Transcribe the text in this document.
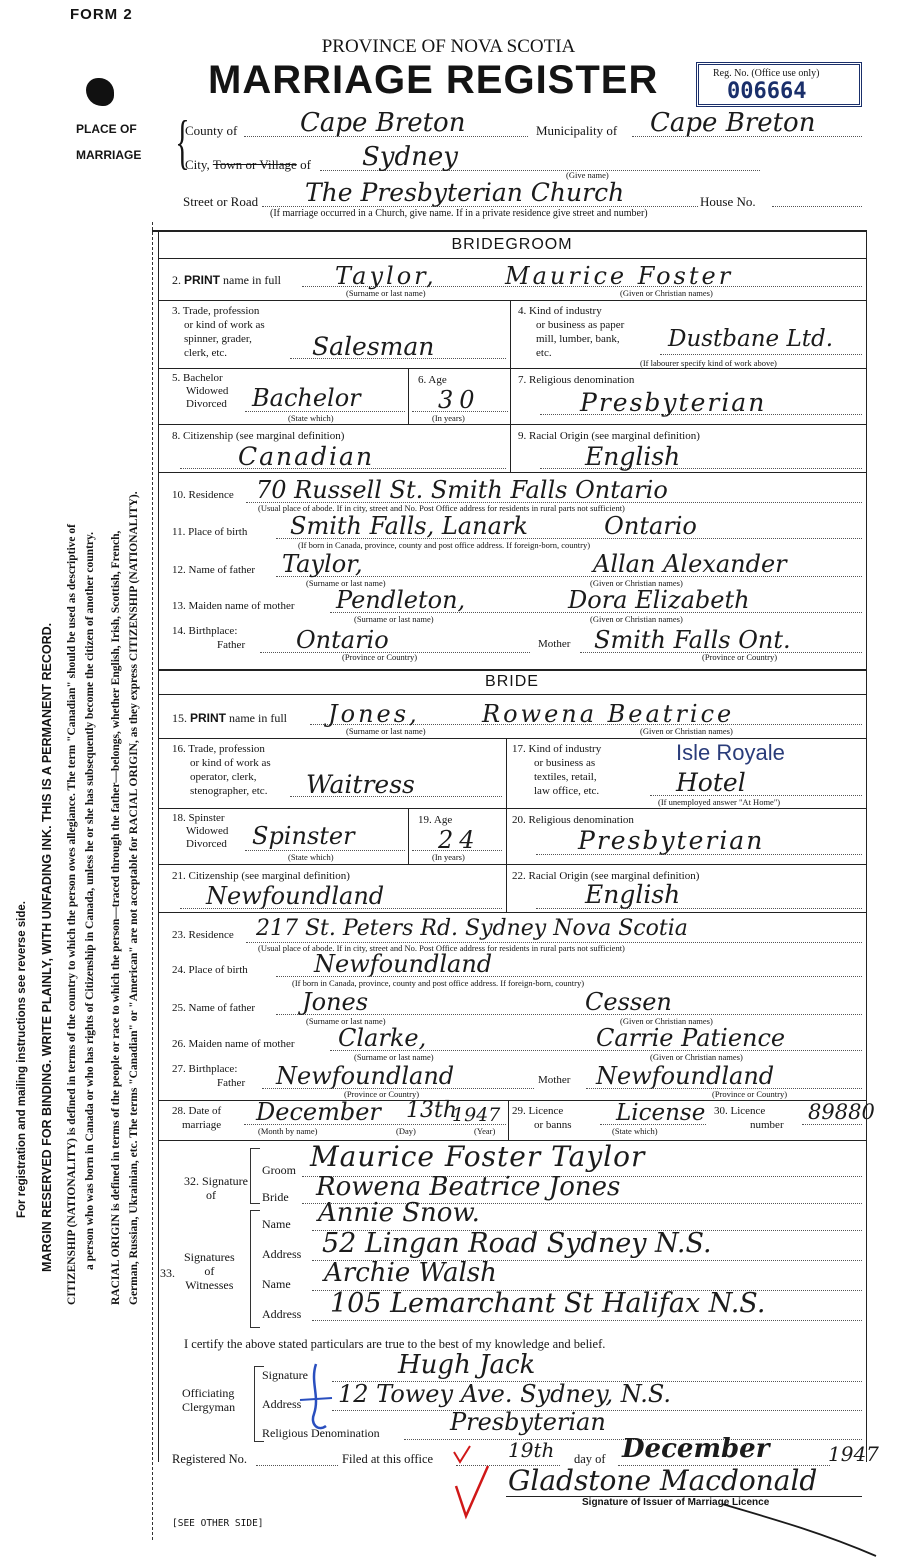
FORM 2
PROVINCE OF NOVA SCOTIA
MARRIAGE REGISTER	Reg. No. (Office use only)
006664
PLACE OF
MARRIAGE {
County of Cape Breton	Municipality of Cape Breton
City, Town or Village of Sydney
(Give name)
Street or Road The Presbyterian Church	House No.
(If marriage occurred in a Church, give name. If in a private residence give street and number)
For registration and mailing instructions see reverse side. MARGIN RESERVED FOR BINDING. WRITE PLAINLY, WITH UNFADING INK. THIS IS A PERMANENT RECORD. CITIZENSHIP (NATIONALITY) is defined in terms of the country to which the person owes allegiance. The term "Canadian" should be used as descriptive of a person who was born in Canada or who has rights of Citizenship in Canada, unless he or she has subsequently become the citizen of another country. RACIAL ORIGIN is defined in terms of the people or race to which the person—traced through the father—belongs, whether English, Irish, Scottish, French, German, Russian, Ukrainian, etc. The terms "Canadian" or "American" are not acceptable for RACIAL ORIGIN, as they express CITIZENSHIP (NATIONALITY).
BRIDEGROOM
2. PRINT name in full Taylor,	Maurice Foster
(Surname or last name)	(Given or Christian names)
3. Trade, profession
or kind of work as
spinner, grader,
clerk, etc.	Salesman
4. Kind of industry
or business as paper
mill, lumber, bank,
etc.
Dustbane Ltd.
(If labourer specify kind of work above)
5. Bachelor
Widowed
Divorced Bachelor
(State which)
6. Age
30
(In years)
7. Religious denomination
Presbyterian
8. Citizenship (see marginal definition)
Canadian
9. Racial Origin (see marginal definition)
English
10. Residence 70 Russell St. Smith Falls Ontario
(Usual place of abode. If in city, street and No. Post Office address for residents in rural parts not sufficient)
11. Place of birth Smith Falls, Lanark          Ontario
(If born in Canada, province, county and post office address. If foreign-born, country)
12. Name of father Taylor,	Allan Alexander
(Surname or last name)	(Given or Christian names)
13. Maiden name of mother Pendleton,	Dora Elizabeth
(Surname or last name)	(Given or Christian names)
14. Birthplace:
Father Ontario
(Province or Country)
Mother Smith Falls Ont.
(Province or Country)
BRIDE
15. PRINT name in full Jones,	Rowena Beatrice
(Surname or last name)	(Given or Christian names)
16. Trade, profession
or kind of work as
operator, clerk,
stenographer, etc. Waitress
17. Kind of industry
or business as
textiles, retail,
law office, etc.
Isle Royale
Hotel
(If unemployed answer "At Home")
18. Spinster
Widowed
Divorced Spinster
(State which)
19. Age
24
(In years)
20. Religious denomination
Presbyterian
21. Citizenship (see marginal definition)
Newfoundland
22. Racial Origin (see marginal definition)
English
23. Residence 217 St. Peters Rd. Sydney Nova Scotia
(Usual place of abode. If in city, street and No. Post Office address for residents in rural parts not sufficient)
24. Place of birth	Newfoundland
(If born in Canada, province, county and post office address. If foreign-born, country)
25. Name of father Jones	Cessen
(Surname or last name)	(Given or Christian names)
26. Maiden name of mother Clarke,	Carrie Patience
(Surname or last name)	(Given or Christian names)
27. Birthplace:
Father Newfoundland
(Province or Country)
Mother Newfoundland
(Province or Country)
28. Date of
marriage December 13th
1947
(Month by name)	(Day)	(Year)
29. Licence
or banns License
(State which)
30. Licence
number
89880
32. Signature
of
Groom Maurice Foster Taylor
Bride Rowena Beatrice Jones
33.
Signatures
of
Witnesses
Name Annie Snow.
Address 52 Lingan Road Sydney N.S.
Name Archie Walsh
Address 105 Lemarchant St Halifax N.S.
I certify the above stated particulars are true to the best of my knowledge and belief.
Officiating
Clergyman
Signature	Hugh Jack
Address 12 Towey Ave. Sydney, N.S.
Religious Denomination	Presbyterian
Registered No.	Filed at this office	19th day of December	1947
Gladstone Macdonald
Signature of Issuer of Marriage Licence
[SEE OTHER SIDE]
